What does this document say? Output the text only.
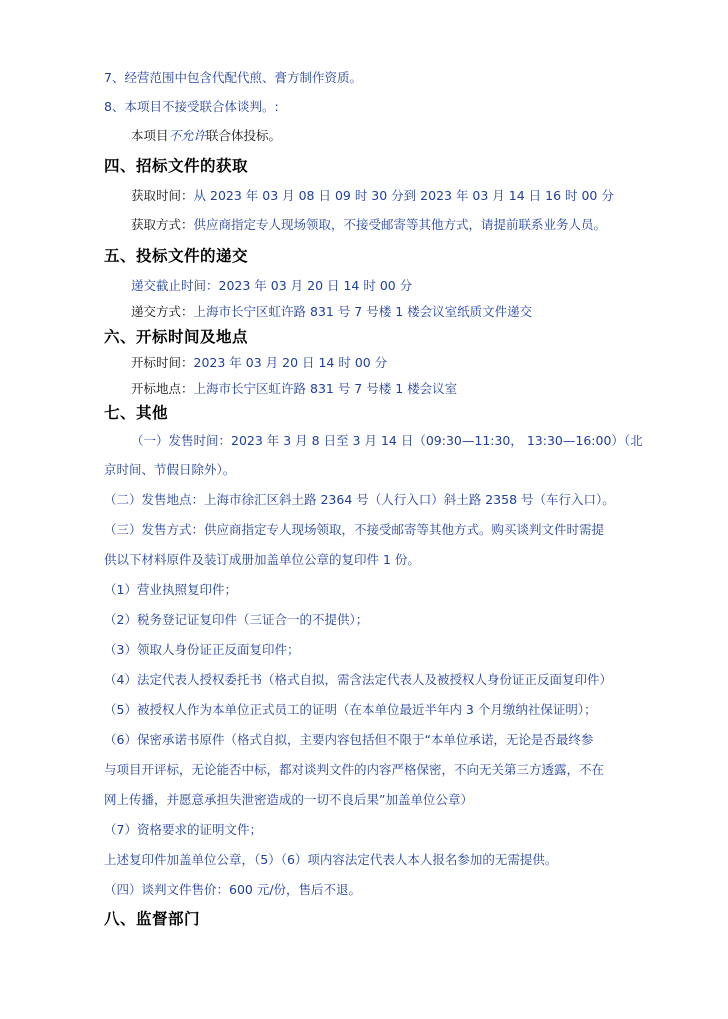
7、经营范围中包含代配代煎、膏方制作资质。
8、本项目不接受联合体谈判。:
本项目不允许联合体投标。
四、招标文件的获取
获取时间：从 2023 年 03 月 08 日 09 时 30 分到 2023 年 03 月 14 日 16 时 00 分
获取方式：供应商指定专人现场领取，不接受邮寄等其他方式，请提前联系业务人员。
五、投标文件的递交
递交截止时间：2023 年 03 月 20 日 14 时 00 分
递交方式：上海市长宁区虹许路 831 号 7 号楼 1 楼会议室纸质文件递交
六、开标时间及地点
开标时间：2023 年 03 月 20 日 14 时 00 分
开标地点：上海市长宁区虹许路 831 号 7 号楼 1 楼会议室
七、其他
（一）发售时间：2023 年 3 月 8 日至 3 月 14 日（09:30—11:30， 13:30—16:00）（北
京时间、节假日除外）。
（二）发售地点：上海市徐汇区斜土路 2364 号（人行入口）斜土路 2358 号（车行入口）。
（三）发售方式：供应商指定专人现场领取，不接受邮寄等其他方式。购买谈判文件时需提
供以下材料原件及装订成册加盖单位公章的复印件 1 份。
（1）营业执照复印件；
（2）税务登记证复印件（三证合一的不提供）；
（3）领取人身份证正反面复印件；
（4）法定代表人授权委托书（格式自拟，需含法定代表人及被授权人身份证正反面复印件）
（5）被授权人作为本单位正式员工的证明（在本单位最近半年内 3 个月缴纳社保证明）；
（6）保密承诺书原件（格式自拟，主要内容包括但不限于“本单位承诺，无论是否最终参
与项目开评标，无论能否中标，都对谈判文件的内容严格保密，不向无关第三方透露，不在
网上传播，并愿意承担失泄密造成的一切不良后果”加盖单位公章）
（7）资格要求的证明文件；
上述复印件加盖单位公章，（5）（6）项内容法定代表人本人报名参加的无需提供。
（四）谈判文件售价：600 元/份，售后不退。
八、监督部门
